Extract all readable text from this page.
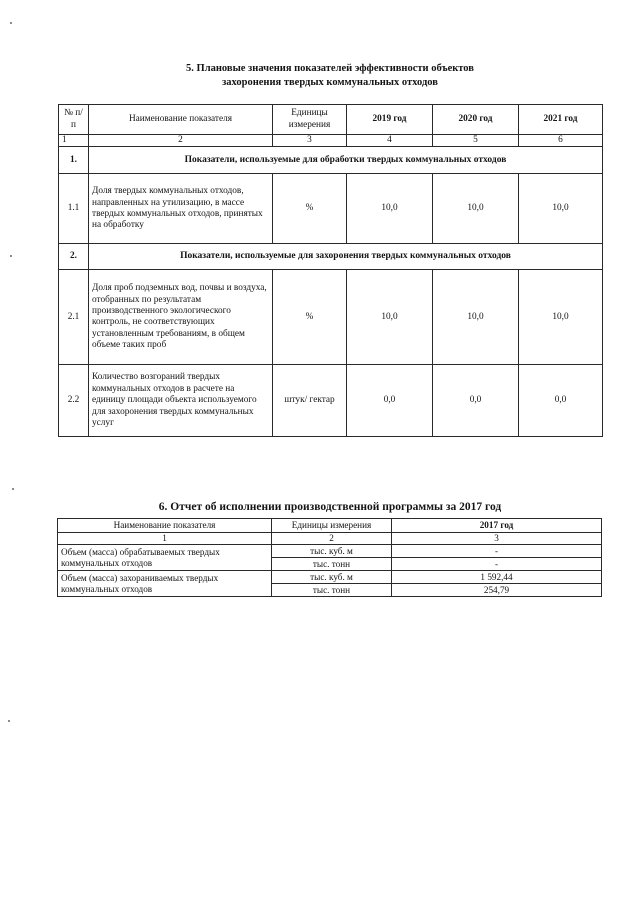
5. Плановые значения показателей эффективности объектов
захоронения твердых коммунальных отходов
№ п/п	Наименование показателя	Единицы измерения	2019 год	2020 год	2021 год
1	2	3	4	5	6
1.	Показатели, используемые для обработки твердых коммунальных отходов				
1.1	Доля твердых коммунальных отходов, направленных на утилизацию, в массе твердых коммунальных отходов, принятых на обработку	%	10,0	10,0	10,0
2.	Показатели, используемые для захоронения твердых коммунальных отходов				
2.1	Доля проб подземных вод, почвы и воздуха, отобранных по результатам производственного экологического контроль, не соответствующих установленным требованиям, в общем объеме таких проб	%	10,0	10,0	10,0
2.2	Количество возгораний твердых коммунальных отходов в расчете на единицу площади объекта используемого для захоронения твердых коммунальных услуг	штук/ гектар	0,0	0,0	0,0
6. Отчет об исполнении производственной программы за 2017 год
Наименование показателя	Единицы измерения	2017 год
1	2	3
Объем (масса) обрабатываемых твердых коммунальных отходов	тыс. куб. м	-
	тыс. тонн	-
Объем (масса) захораниваемых твердых коммунальных отходов	тыс. куб. м	1 592,44
	тыс. тонн	254,79
